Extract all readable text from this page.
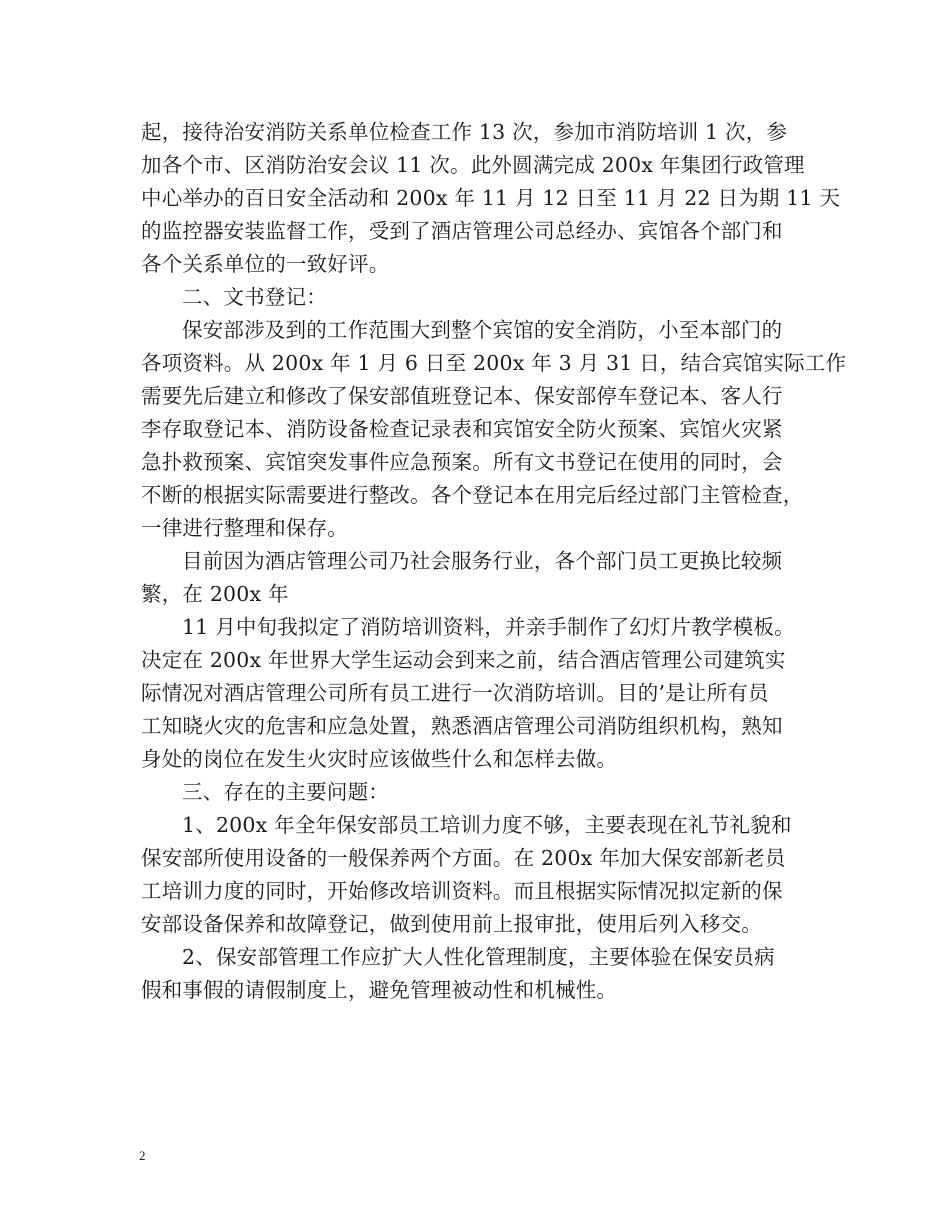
起，接待治安消防关系单位检查工作 13 次，参加市消防培训 1 次，参
加各个市、区消防治安会议 11 次。此外圆满完成 200x 年集团行政管理
中心举办的百日安全活动和 200x 年 11 月 12 日至 11 月 22 日为期 11 天
的监控器安装监督工作，受到了酒店管理公司总经办、宾馆各个部门和
各个关系单位的一致好评。
二、文书登记：
保安部涉及到的工作范围大到整个宾馆的安全消防，小至本部门的
各项资料。从 200x 年 1 月 6 日至 200x 年 3 月 31 日，结合宾馆实际工作
需要先后建立和修改了保安部值班登记本、保安部停车登记本、客人行
李存取登记本、消防设备检查记录表和宾馆安全防火预案、宾馆火灾紧
急扑救预案、宾馆突发事件应急预案。所有文书登记在使用的同时，会
不断的根据实际需要进行整改。各个登记本在用完后经过部门主管检查，
一律进行整理和保存。
目前因为酒店管理公司乃社会服务行业，各个部门员工更换比较频
繁，在 200x 年
11 月中旬我拟定了消防培训资料，并亲手制作了幻灯片教学模板。
决定在 200x 年世界大学生运动会到来之前，结合酒店管理公司建筑实
际情况对酒店管理公司所有员工进行一次消防培训。目的’是让所有员
工知晓火灾的危害和应急处置，熟悉酒店管理公司消防组织机构，熟知
身处的岗位在发生火灾时应该做些什么和怎样去做。
三、存在的主要问题：
1、200x 年全年保安部员工培训力度不够，主要表现在礼节礼貌和
保安部所使用设备的一般保养两个方面。在 200x 年加大保安部新老员
工培训力度的同时，开始修改培训资料。而且根据实际情况拟定新的保
安部设备保养和故障登记，做到使用前上报审批，使用后列入移交。
2、保安部管理工作应扩大人性化管理制度，主要体验在保安员病
假和事假的请假制度上，避免管理被动性和机械性。
2
